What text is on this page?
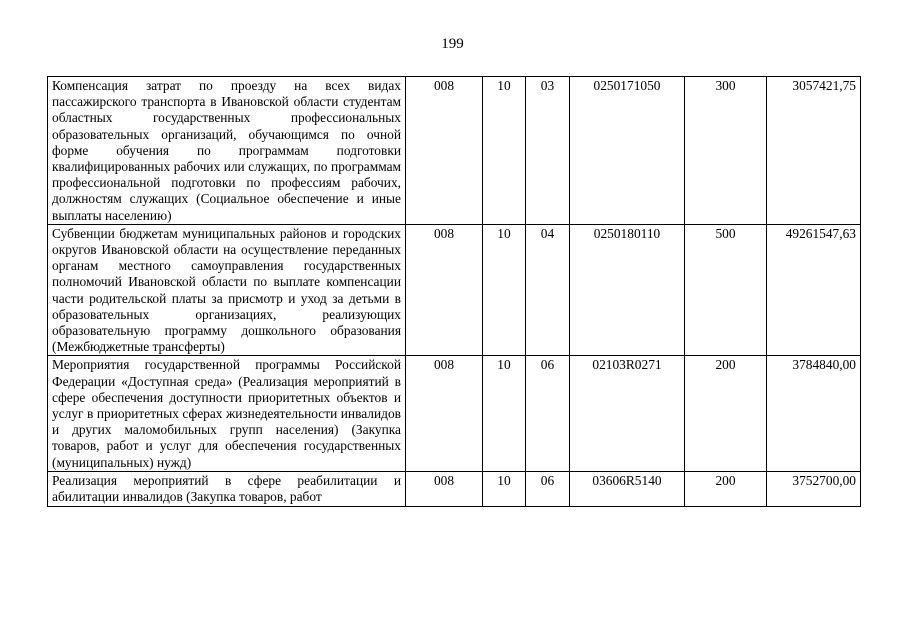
199
Компенсация затрат по проезду на всех видах пассажирского транспорта в Ивановской области студентам областных государственных профессиональных образовательных организаций, обучающимся по очной форме обучения по программам подготовки квалифицированных рабочих или служащих, по программам профессиональной подготовки по профессиям рабочих, должностям служащих (Социальное обеспечение и иные выплаты населению)	008	10	03	0250171050	300	3057421,75
Субвенции бюджетам муниципальных районов и городских округов Ивановской области на осуществление переданных органам местного самоуправления государственных полномочий Ивановской области по выплате компенсации части родительской платы за присмотр и уход за детьми в образовательных организациях, реализующих образовательную программу дошкольного образования (Межбюджетные трансферты)	008	10	04	0250180110	500	49261547,63
Мероприятия государственной программы Российской Федерации «Доступная среда» (Реализация мероприятий в сфере обеспечения доступности приоритетных объектов и услуг в приоритетных сферах жизнедеятельности инвалидов и других маломобильных групп населения) (Закупка товаров, работ и услуг для обеспечения государственных (муниципальных) нужд)	008	10	06	02103R0271	200	3784840,00

Реализация мероприятий в сфере реабилитации и абилитации инвалидов (Закупка товаров, работ	008	10	06	03606R5140	200	3752700,00
